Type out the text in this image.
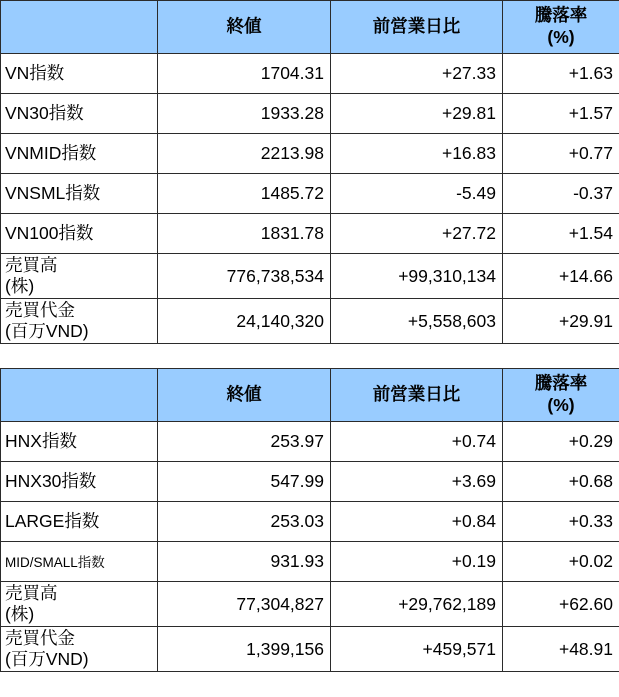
	終値	前営業日比	騰落率
(%)

VN指数	1704.31	+27.33	+1.63
VN30指数	1933.28	+29.81	+1.57
VNMID指数	2213.98	+16.83	+0.77
VNSML指数	1485.72	-5.49	-0.37
VN100指数	1831.78	+27.72	+1.54
売買高
(株)	776,738,534	+99,310,134	+14.66
売買代金
(百万VND)	24,140,320	+5,558,603	+29.91
	終値	前営業日比	騰落率
(%)

HNX指数	253.97	+0.74	+0.29
HNX30指数	547.99	+3.69	+0.68
LARGE指数	253.03	+0.84	+0.33
MID/SMALL指数	931.93	+0.19	+0.02
売買高
(株)	77,304,827	+29,762,189	+62.60
売買代金
(百万VND)	1,399,156	+459,571	+48.91
